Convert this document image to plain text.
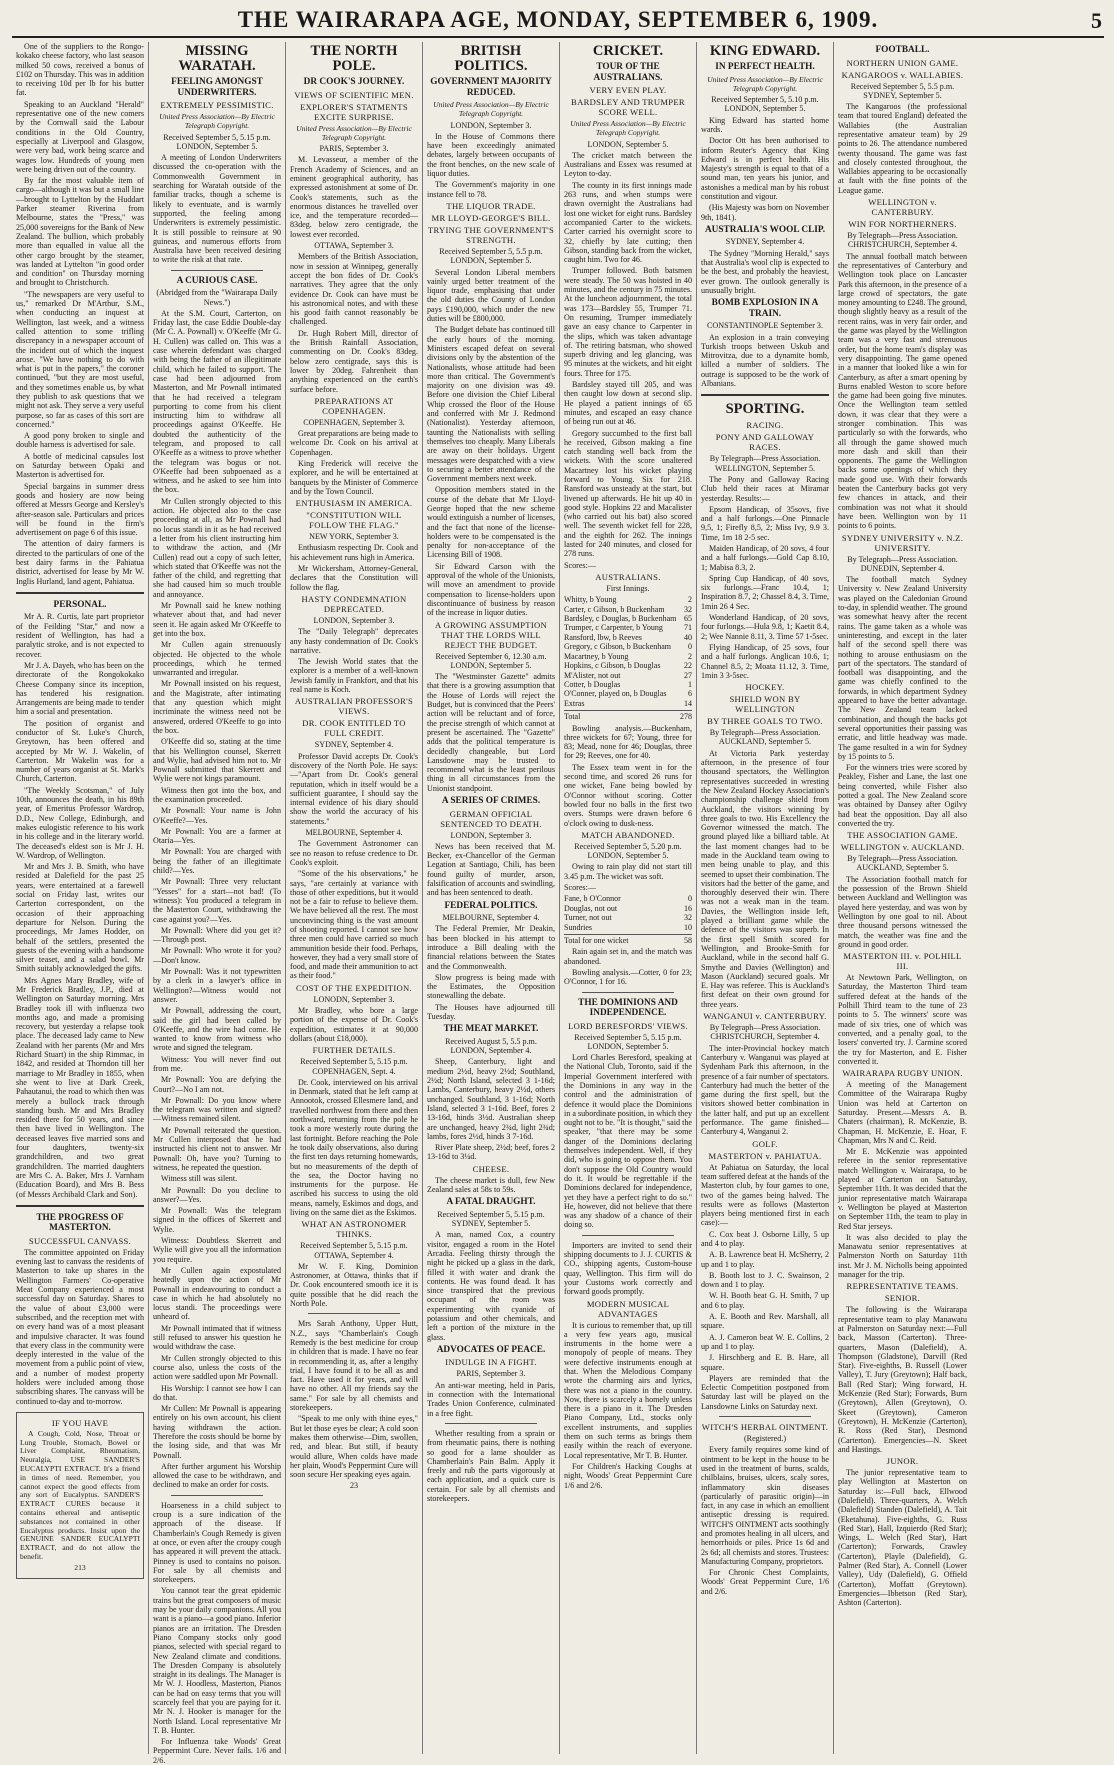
THE WAIRARAPA AGE, MONDAY, SEPTEMBER 6, 1909.	5

One of the suppliers to the Rongo-kokako cheese factory, who last season milked 50 cows, received a bonus of £102 on Thursday. This was in addition to receiving 10d per lb for his butter fat.

Speaking to an Auckland "Herald" representative one of the new comers by the Cornwall said the Labour conditions in the Old Country, especially at Liverpool and Glasgow, were very bad, work being scarce and wages low. Hundreds of young men were being driven out of the country.

By far the most valuable item of cargo—although it was but a small line—brought to Lyttelton by the Huddart Parker steamer Riverina from Melbourne, states the "Press," was 25,000 sovereigns for the Bank of New Zealand. The bullion, which probably more than equalled in value all the other cargo brought by the steamer, was landed at Lyttelton "in good order and condition" on Thursday morning and brought to Christchurch.

"The newspapers are very useful to us," remarked Dr M'Arthur, S.M., when conducting an inquest at Wellington, last week, and a witness called attention to some trifling discrepancy in a newspaper account of the incident out of which the inquest arose. "We have nothing to do with what is put in the papers," the coroner continued, "but they are most useful, and they sometimes enable us, by what they publish to ask questions that we might not ask. They serve a very useful purpose, so far as cases of this sort are concerned."

A good pony broken to single and double harness is advertised for sale.

A bottle of medicinal capsules lost on Saturday between Opaki and Masterton is advertised for.

Special bargains in summer dress goods and hosiery are now being offered at Messrs George and Kersley's after-season sale. Particulars and prices will be found in the firm's advertisement on page 6 of this issue.

The attention of dairy farmers is directed to the particulars of one of the best dairy farms in the Pahiatua district, advertised for lease by Mr W. Inglis Hurland, land agent, Pahiatua.

PERSONAL.

Mr A. R. Curtis, late part proprietor of the Feilding "Star," and now a resident of Wellington, has had a paralytic stroke, and is not expected to recover.

Mr J. A. Dayeh, who has been on the directorate of the Rongokokako Cheese Company since its inception, has tendered his resignation. Arrangements are being made to tender him a social and presentation.

The position of organist and conductor of St. Luke's Church, Greytown, has been offered and accepted by Mr W. J. Wakelin, of Carterton. Mr Wakelin was for a number of years organist at St. Mark's Church, Carterton.

"The Weekly Scotsman," of July 10th, announces the death, in his 89th year, of Emeritus Professor Wardrop, D.D., New College, Edinburgh, and makes eulogistic reference to his work in his college and in the literary world. The deceased's eldest son is Mr J. H. W. Wardrop, of Wellington.

Mr and Mrs J. B. Smith, who have resided at Dalefield for the past 25 years, were entertained at a farewell social on Friday last, writes our Carterton correspondent, on the occasion of their approaching departure for Nelson. During the proceedings, Mr James Hodder, on behalf of the settlers, presented the guests of the evening with a handsome silver teaset, and a salad bowl. Mr Smith suitably acknowledged the gifts.

Mrs Agnes Mary Bradley, wife of Mr Frederick Bradley, J.P., died at Wellington on Saturday morning. Mrs Bradley took ill with influenza two months ago, and made a promising recovery, but yesterday a relapse took place. The deceased lady came to New Zealand with her parents (Mr and Mrs Richard Stuart) in the ship Rimmac, in 1842, and resided at Thorndon till her marriage to Mr Bradley in 1855, when she went to live at Dark Creek, Pahautanui, the road to which then was merely a bullock track through standing bush. Mr and Mrs Bradley resided there for 50 years, and since then have lived in Wellington. The deceased leaves five married sons and four daughters, twenty-six grandchildren, and two great grandchildren. The married daughters are Mrs C. A. Baker, Mrs J. Varnham (Education Board), and Mrs B. Bess (of Messrs Archibald Clark and Son).

THE PROGRESS OF MASTERTON.
SUCCESSFUL CANVASS.

The committee appointed on Friday evening last to canvass the residents of Masterton to take up shares in the Wellington Farmers' Co-operative Meat Company experienced a most successful day on Saturday. Shares to the value of about £3,000 were subscribed, and the reception met with on every hand was of a most pleasant and impulsive character. It was found that every class in the community were deeply interested in the value of the movement from a public point of view, and a number of modest property holders were included among those subscribing shares. The canvass will be continued to-day and to-morrow.

IF YOU HAVE

A Cough, Cold, Nose, Throat or Lung Trouble, Stomach, Bowel or Liver Complaint, Rheumatism, Neuralgia, USE SANDER'S EUCALYPTI EXTRACT. It's a friend in times of need. Remember, you cannot expect the good effects from any sort of Eucalyptus. SANDER'S EXTRACT CURES because it contains ethereal and antiseptic substances not contained in other Eucalyptus products. Insist upon the GENUINE SANDER EUCALYPTI EXTRACT, and do not allow the benefit.

213

MISSING WARATAH.
FEELING AMONGST UNDERWRITERS.
EXTREMELY PESSIMISTIC.

United Press Association—By Electric Telegraph Copyright.

Received September 5, 5.15 p.m. LONDON, September 5.

A meeting of London Underwriters discussed the co-operation with the Commonwealth Government in searching for Waratah outside of the familiar tracks, though a scheme is likely to eventuate, and is warmly supported, the feeling among Underwriters is extremely pessimistic. It is still possible to reinsure at 90 guineas, and numerous efforts from Australia have been received desiring to write the risk at that rate.

A CURIOUS CASE.

(Abridged from the "Wairarapa Daily News.")

At the S.M. Court, Carterton, on Friday last, the case Eddie Double-day (Mr C. A. Pownall) v. O'Keeffe (Mr G. H. Cullen) was called on. This was a case wherein defendant was charged with being the father of an illegitimate child, which he failed to support. The case had been adjourned from Masterton, and Mr Pownall intimated that he had received a telegram purporting to come from his client instructing him to withdraw all proceedings against O'Keeffe. He doubted the authenticity of the telegram, and proposed to call O'Keeffe as a witness to prove whether the telegram was bogus or not. O'Keeffe had been subpoenaed as a witness, and he asked to see him into the box.

Mr Cullen strongly objected to this action. He objected also to the case proceeding at all, as Mr Pownall had no locus standi in it as he had received a letter from his client instructing him to withdraw the action, and (Mr Cullen) read out a copy of such letter, which stated that O'Keeffe was not the father of the child, and regretting that she had caused him so much trouble and annoyance.

Mr Pownall said he knew nothing whatever about that, and had never seen it. He again asked Mr O'Keeffe to get into the box.

Mr Cullen again strenuously objected. He objected to the whole proceedings, which he termed unwarranted and irregular.

Mr Pownall insisted on his request, and the Magistrate, after intimating that any question which might incriminate the witness need not be answered, ordered O'Keeffe to go into the box.

O'Keeffe did so, stating at the time that his Wellington counsel, Skerrett and Wylie, had advised him not to. Mr Pownall submitted that Skerrett and Wylie were not kings paramount.

Witness then got into the box, and the examination proceeded.

Mr Pownall: Your name is John O'Keeffe?—Yes.

Mr Pownall: You are a farmer at Otaria—Yes.

Mr Pownall: You are charged with being the father of an illegitimate child?—Yes.

Mr Pownall: Three very reluctant "Yesses" for a start—not bad! (To witness): You produced a telegram in the Masterton Court, withdrawing the case against you?—Yes.

Mr Pownall: Where did you get it?—Through post.

Mr Pownall: Who wrote it for you?—Don't know.

Mr Pownall: Was it not typewritten by a clerk in a lawyer's office in Wellington?—Witness would not answer.

Mr Pownall, addressing the court, said the girl had been called by O'Keeffe, and the wire had come. He wanted to know from witness who wrote and signed the telegram.

Witness: You will never find out from me.

Mr Pownall: You are defying the Court?—No I am not.

Mr Pownall: Do you know where the telegram was written and signed?—Witness remained silent.

Mr Pownall reiterated the question. Mr Cullen interposed that he had instructed his client not to answer. Mr Pownall: Oh, have you? Turning to witness, he repeated the question.

Witness still was silent.

Mr Pownall: Do you decline to answer?—Yes.

Mr Pownall: Was the telegram signed in the offices of Skerrett and Wylie.

Witness: Doubtless Skerrett and Wylie will give you all the information you require.

Mr Cullen again expostulated heatedly upon the action of Mr Pownall in endeavouring to conduct a case in which he had absolutely no locus standi. The proceedings were unheard of.

Mr Pownall intimated that if witness still refused to answer his question he would withdraw the case.

Mr Cullen strongly objected to this course also, unless the costs of the action were saddled upon Mr Pownall.

His Worship: I cannot see how I can do that.

Mr Cullen: Mr Pownall is appearing entirely on his own account, his client having withdrawn the action. Therefore the costs should be borne by the losing side, and that was Mr Pownall.

After further argument his Worship allowed the case to be withdrawn, and declined to make an order for costs.

Hoarseness in a child subject to croup is a sure indication of the approach of the disease. If Chamberlain's Cough Remedy is given at once, or even after the croupy cough has appeared it will prevent the attack. Pinney is used to contains no poison. For sale by all chemists and storekeepers.

You cannot tear the great epidemic trains but the great composers of music may be your daily companions. All you want is a piano—a good piano. Inferior pianos are an irritation. The Dresden Piano Company stocks only good pianos, selected with special regard to New Zealand climate and conditions. The Dresden Company is absolutely straight in its dealings. The Manager is Mr W. J. Hoodless, Masterton, Pianos can be had on easy terms that you will scarcely feel that you are paying for it. Mr N. J. Hooker is manager for the North Island. Local representative Mr T. B. Hunter.

For Influenza take Woods' Great Peppermint Cure. Never fails. 1/6 and 2/6.

THE NORTH POLE.
DR COOK'S JOURNEY.
VIEWS OF SCIENTIFIC MEN.
EXPLORER'S STATMENTS EXCITE SURPRISE.

United Press Association—By Electric Telegraph Copyright.

PARIS, September 3.

M. Levasseur, a member of the French Academy of Sciences, and an eminent geographical authority, has expressed astonishment at some of Dr. Cook's statements, such as the enormous distances he travelled over ice, and the temperature recorded—83deg. below zero centigrade, the lowest ever recorded.

OTTAWA, September 3.

Members of the British Association, now in session at Winnipeg, generally accept the bon fides of Dr. Cook's narratives. They agree that the only evidence Dr. Cook can have must be his astronomical notes, and with these his good faith cannot reasonably be challenged.

Dr. Hugh Robert Mill, director of the British Rainfall Association, commenting on Dr. Cook's 83deg. below zero centigrade, says this is lower by 20deg. Fahrenheit than anything experienced on the earth's surface before.

PREPARATIONS AT COPENHAGEN.

COPENHAGEN, September 3.

Great preparations are being made to welcome Dr. Cook on his arrival at Copenhagen.

King Frederick will receive the explorer, and he will be entertained at banquets by the Minister of Commerce and by the Town Council.

ENTHUSIASM IN AMERICA.
"CONSTITUTION WILL FOLLOW THE FLAG."

NEW YORK, September 3.

Enthusiasm respecting Dr. Cook and his achievement runs high in America.

Mr Wickersham, Attorney-General, declares that the Constitution will follow the flag.

HASTY CONDEMNATION DEPRECATED.

LONDON, September 3.

The "Daily Telegraph" deprecates any hasty condemnation of Dr. Cook's narrative.

The Jewish World states that the explorer is a member of a well-known Jewish family in Frankfort, and that his real name is Koch.

AUSTRALIAN PROFESSOR'S VIEWS.
DR. COOK ENTITLED TO FULL CREDIT.

SYDNEY, September 4.

Professor David accepts Dr. Cook's discovery of the North Pole. He says:—"Apart from Dr. Cook's general reputation, which in itself would be a sufficient guarantee, I should say the internal evidence of his diary should show the world the accuracy of his statements."

MELBOURNE, September 4.

The Government Astronomer can see no reason to refuse credence to Dr. Cook's exploit.

"Some of the his observations," he says, "are certainly at variance with those of other expeditions, but it would not be a fair to refuse to believe them. We have believed all the rest. The most unconvincing thing is the vast amount of shooting reported. I cannot see how three men could have carried so much ammunition beside their food. Perhaps, however, they had a very small store of food, and made their ammunition to act as their food."

COST OF THE EXPEDITION.

LONODN, September 3.

Mr Bradley, who bore a large portion of the expense of Dr. Cook's expedition, estimates it at 90,000 dollars (about £18,000).

FURTHER DETAILS.

Received September 5, 5.15 p.m. COPENHAGEN, Sept. 4.

Dr. Cook, interviewed on his arrival in Denmark, stated that he left camp at Annootok, crossed Ellesmere land, and travelled northwest from there and then northward, returning from the pole he took a more westerly route during the last fortnight. Before reaching the Pole he took daily observations, also during the first ten days returning homewards, but no measurements of the depth of the sea, the Doctor having no instruments for the purpose. He ascribed his success to using the old means, namely, Eskimos and dogs, and living on the same diet as the Eskimos.

WHAT AN ASTRONOMER THINKS.

Received September 5, 5.15 p.m. OTTAWA, September 4.

Mr W. F. King, Dominion Astronomer, at Ottawa, thinks that if Dr. Cook encountered smooth ice it is quite possible that he did reach the North Pole.

Mrs Sarah Anthony, Upper Hutt, N.Z., says "Chamberlain's Cough Remedy is the best medicine for croup in children that is made. I have no fear in recommending it, as, after a lengthy trial, I have found it to be all as and fact. Have used it for years, and will have no other. All my friends say the same." For sale by all chemists and storekeepers.

"Speak to me only with thine eyes," But let those eyes be clear; A cold soon makes them otherwise—Dim, swollen, red, and blear. But still, if beauty would allure, When colds have made her plain, Wood's Peppermint Cure will soon secure Her speaking eyes again.

23

BRITISH POLITICS.
GOVERNMENT MAJORITY REDUCED.

United Press Association—By Electric Telegraph Copyright.

LONDON, September 3.

In the House of Commons there have been exceedingly animated debates, largely between occupants of the front benches, on the new scale of liquor duties.

The Government's majority in one instance fell to 78.

THE LIQUOR TRADE.
MR LLOYD-GEORGE'S BILL.
TRYING THE GOVERNMENT'S STRENGTH.

Received September 5, 5.5 p.m. LONDON, September 5.

Several London Liberal members vainly urged better treatment of the liquor trade, emphasising that under the old duties the County of London pays £190,000, which under the new duties will be £800,000.

The Budget debate has continued till the early hours of the morning. Ministers escaped defeat on several divisions only by the abstention of the Nationalists, whose attitude had been more than critical. The Government's majority on one division was 49. Before one division the Chief Liberal Whip crossed the floor of the House and conferred with Mr J. Redmond (Nationalist). Yesterday afternoon, taunting the Nationalists with selling themselves too cheaply. Many Liberals are away on their holidays. Urgent messages were despatched with a view to securing a better attendance of the Government members next week.

Opposition members stated in the course of the debate that Mr Lloyd-George hoped that the new scheme would extinguish a number of licenses, and the fact that none of the license-holders were to be compensated is the penalty for non-acceptance of the Licensing Bill of 1908.

Sir Edward Carson with the approval of the whole of the Unionists, will move an amendment to provide compensation to license-holders upon discontinuance of business by reason of the increase in liquor duties.

A GROWING ASSUMPTION THAT THE LORDS WILL REJECT THE BUDGET.

Received September 6, 12.30 a.m. LONDON, September 5.

The "Westminster Gazette" admits that there is a growing assumption that the House of Lords will reject the Budget, but is convinced that the Peers' action will be reluctant and of force, the precise strength of which cannot at present be ascertained. The "Gazette" adds that the political temperature is decidedly changeable, but Lord Lansdowne may be trusted to recommend what is the least perilous thing in all circumstances from the Unionist standpoint.

A SERIES OF CRIMES.
GERMAN OFFICIAL SENTENCED TO DEATH.

LONDON, September 3.

News has been received that M. Becker, ex-Chancellor of the German Legation at Santiago, Chili, has been found guilty of murder, arson, falsification of accounts and swindling, and has been sentenced to death.

FEDERAL POLITICS.

MELBOURNE, September 4.

The Federal Premier, Mr Deakin, has been blocked in his attempt to introduce a Bill dealing with the financial relations between the States and the Commonwealth.

Slow progress is being made with the Estimates, the Opposition stonewalling the debate.

The Houses have adjourned till Tuesday.

THE MEAT MARKET.

Received August 5, 5.5 p.m. LONDON, September 4.

Sheep, Canterbury, light and medium 2½d, heavy 2½d; Southland, 2½d; North Island, selected 3 1-16d; Lambs, Canterbury, heavy 2½d, others unchanged. Southland, 3 1-16d; North Island, selected 3 1-16d. Beef, fores 2 13-16d, hinds 3½d. Australian sheep are unchanged, heavy 2¾d, light 2¾d; lambs, fores 2½d, hinds 3 7-16d.

River Plate sheep, 2½d; beef, fores 2 13-16d to 3¼d.

CHEESE.

The cheese market is dull, few New Zealand sales at 58s to 59s.

A FATAL DRAUGHT.

Received September 5, 5.15 p.m. SYDNEY, September 5.

A man, named Cox, a country visitor, engaged a room in the Hotel Arcadia. Feeling thirsty through the night he picked up a glass in the dark, filled it with water and drank the contents. He was found dead. It has since transpired that the previous occupant of the room was experimenting with cyanide of potassium and other chemicals, and left a portion of the mixture in the glass.

ADVOCATES OF PEACE.
INDULGE IN A FIGHT.

PARIS, September 3.

An anti-war meeting, held in Paris, in connection with the International Trades Union Conference, culminated in a free fight.

Whether resulting from a sprain or from rheumatic pains, there is nothing so good for a lame shoulder as Chamberlain's Pain Balm. Apply it freely and rub the parts vigorously at each application, and a quick cure is certain. For sale by all chemists and storekeepers.

CRICKET.
TOUR OF THE AUSTRALIANS.
VERY EVEN PLAY.
BARDSLEY AND TRUMPER SCORE WELL.

United Press Association—By Electric Telegraph Copyright.

LONDON, September 5.

The cricket match between the Australians and Essex was resumed at Leyton to-day.

The county in its first innings made 263 runs, and when stumps were drawn overnight the Australians had lost one wicket for eight runs. Bardsley accompanied Carter to the wickets. Carter carried his overnight score to 32, chiefly by late cutting; then Gibson, standing back from the wicket, caught him. Two for 46.

Trumper followed. Both batsmen were steady. The 50 was hoisted in 40 minutes, and the century in 75 minutes. At the luncheon adjournment, the total was 173—Bardsley 55, Trumper 71. On resuming, Trumper immediately gave an easy chance to Carpenter in the slips, which was taken advantage of. The retiring batsman, who showed superb driving and leg glancing, was 95 minutes at the wickets, and hit eight fours. Three for 175.

Bardsley stayed till 205, and was then caught low down at second slip. He played a patient innings of 65 minutes, and escaped an easy chance of being run out at 46.

Gregory succumbed to the first ball he received, Gibson making a fine catch standing well back from the wickets. With the score unaltered Macartney lost his wicket playing forward to Young. Six for 218. Ransford was unsteady at the start, but livened up afterwards. He hit up 40 in good style. Hopkins 22 and Macalister (who carried out his bat) also scored well. The seventh wicket fell for 228, and the eighth for 262. The innings lasted for 240 minutes, and closed for 278 runs.

Scores:—

AUSTRALIANS.

First Innings.

Whitty, b Young	2
Carter, c Gibson, b Buckenham 32
Bardsley, c Douglas, b Buckenham 65
Trumper, c Carpenter, b Young	71
Ransford, lbw, b Reeves	40
Gregory, c Gibson, b Buckenham 0
Macartney, b Young	2
Hopkins, c Gibson, b Douglas	22
M'Alister, not out	27
Cotter, b Douglas	1
O'Conner, played on, b Douglas	6
Extras	14
Total	278

Bowling analysis.—Buckenham, three wickets for 67; Young, three for 83; Mead, none for 46; Douglas, three for 29; Reeves, one for 40.

The Essex team went in for the second time, and scored 26 runs for one wicket, Fane being bowled by O'Connor without scoring. Cotter bowled four no balls in the first two overs. Stumps were drawn before 6 o'clock owing to dusk-ness.

MATCH ABANDONED.

Received September 5, 5.20 p.m. LONDON, September 5.

Owing to rain play did not start till 3.45 p.m. The wicket was soft.

Scores:—

Fane, b O'Connor	0
Douglas, not out	16
Turner, not out	32
Sundries	10
Total for one wicket	58

Rain again set in, and the match was abandoned.

Bowling analysis.—Cotter, 0 for 23; O'Connor, 1 for 16.

THE DOMINIONS AND INDEPENDENCE.
LORD BERESFORDS' VIEWS.

Received September 5, 5.15 p.m. LONDON, September 5.

Lord Charles Beresford, speaking at the National Club, Toronto, said if the Imperial Government interfered with the Dominions in any way in the control and the administration of defence it would place the Dominions in a subordinate position, in which they ought not to be. "It is thought," said the speaker, "that there may be some danger of the Dominions declaring themselves independent. Well, if they did, who is going to oppose them. You don't suppose the Old Country would do it. It would be regrettable if the Dominions declared for independence, yet they have a perfect right to do so." He, however, did not believe that there was any shadow of a chance of their doing so.

Importers are invited to send their shipping documents to J. J. CURTIS & CO., shipping agents, Custom-house quay, Wellington. This firm will do your Customs work correctly and forward goods promptly.

MODERN MUSICAL ADVANTAGES

It is curious to remember that, up till a very few years ago, musical instruments in the home were a monopoly of people of means. They were defective instruments enough at that. When the Melodious Company wrote the charming airs and lyrics, there was not a piano in the country. Now, there is scarcely a homely unless there is a piano in it. The Dresden Piano Company, Ltd., stocks only excellent instruments, and supplies them on such terms as brings them easily within the reach of everyone. Local representative, Mr T. B. Hunter.

For Children's Hacking Coughs at night, Woods' Great Peppermint Cure 1/6 and 2/6.

KING EDWARD.
IN PERFECT HEALTH.

United Press Association—By Electric Telegraph Copyright.

Received September 5, 5.10 p.m. LONDON, September 5.

King Edward has started home wards.

Doctor Ott has been authorised to inform Reuter's Agency that King Edward is in perfect health. His Majesty's strength is equal to that of a sound man, ten years his junior, and astonishes a medical man by his robust constitution and vigour.

(His Majesty was born on November 9th, 1841).

AUSTRALIA'S WOOL CLIP.

SYDNEY, September 4.

The Sydney "Morning Herald," says that Australia's wool clip is expected to be the best, and probably the heaviest, ever grown. The outlook generally is unusually bright.

BOMB EXPLOSION IN A TRAIN.

CONSTANTINOPLE September 3.

An explosion in a train conveying Turkish troops between Uskub and Mitrovitza, due to a dynamite bomb, killed a number of soldiers. The outrage is supposed to be the work of Albanians.

SPORTING.
RACING.
PONY AND GALLOWAY RACES.

By Telegraph—Press Association. WELLINGTON, September 5.

The Pony and Galloway Racing Club held their races at Miramar yesterday. Results:—

Epsom Handicap, of 35sovs, five and a half furlongs.—One Pinnacle 9,5, 1; Firefly 8,5, 2; Miss Ivy, 9.9 3. Time, 1m 18 2-5 sec.

Maiden Handicap, of 20 sovs, 4 four and a half furlongs.—Gold Cap 8.10, 1; Mabisa 8.3, 2.

Spring Cup Handicap, of 40 sovs, six furlongs.—Franc 10.4, 1; Inspiration 8.7, 2; Chassel 8.4, 3. Time, 1min 26 4 Sec.

Wonderland Handicap, of 20 sovs, four furlongs.—Hula 9.8, 1; Kaetit 8.4, 2; Wee Nannie 8.11, 3. Time 57 1-5sec.

Flying Handicap, of 25 sovs, four and a half furlongs. Anglican 10.6, 1; Channel 8.5, 2; Moata 11.12, 3. Time, 1min 3 3-5sec.

HOCKEY.
SHIELD WON BY WELLINGTON
BY THREE GOALS TO TWO.

By Telegraph—Press Association. AUCKLAND, September 5.

At Victoria Park yesterday afternoon, in the presence of four thousand spectators, the Wellington representatives succeeded in wresting the New Zealand Hockey Association's championship challenge shield from Auckland, the visitors winning by three goals to two. His Excellency the Governor witnessed the match. The ground played like a billiard table. At the last moment changes had to be made in the Auckland team owing to men being unable to play, and this seemed to upset their combination. The visitors had the better of the game, and thoroughly deserved their win. There was not a weak man in the team. Davies, the Wellington inside left, played a brilliant game while the defence of the visitors was superb. In the first spell Smith scored for Wellington, and Brooke-Smith for Auckland, while in the second half G. Smythe and Davies (Wellington) and Mason (Auckland) secured goals. Mr E. Hay was referee. This is Auckland's first defeat on their own ground for three years.

WANGANUI v. CANTERBURY.

By Telegraph—Press Association. CHRISTCHURCH, September 4.

The inter-Provincial hockey match Canterbury v. Wanganui was played at Sydenham Park this afternoon, in the presence of a fair number of spectators. Canterbury had much the better of the game during the first spell, but the visitors showed better combination in the latter half, and put up an excellent performance. The game finished—Canterbury 4, Wanganui 2.

GOLF.
MASTERTON v. PAHIATUA.

At Pahiatua on Saturday, the local team suffered defeat at the hands of the Masterton club, by four games to one, two of the games being halved. The results were as follows (Masterton players being mentioned first in each case):—

C. Cox beat J. Osborne Lilly, 5 up and 4 to play.

A. B. Lawrence beat H. McSherry, 2 up and 1 to play.

B. Booth lost to J. C. Swainson, 2 down and 1 to play.

W. H. Booth beat G. H. Smith, 7 up and 6 to play.

A. E. Booth and Rev. Marshall, all square.

A. J. Cameron beat W. E. Collins, 2 up and 1 to play.

J. Hirschberg and E. B. Hare, all square.

Players are reminded that the Eclectic Competition postponed from Saturday last will be played on the Lansdowne Links on Saturday next.

WITCH'S HERBAL OINTMENT.

(Registered.)

Every family requires some kind of ointment to be kept in the house to be used in the treatment of burns, scalds, chilblains, bruises, ulcers, scaly sores, inflammatory skin diseases (particularly of parasitic origin)—in fact, in any case in which an emollient antiseptic dressing is required. WITCH'S OINTMENT acts soothingly and promotes healing in all ulcers, and hemorrhoids or piles. Price 1s 6d and 2s 6d; all chemists and stores. Trustees: Manufacturing Company, proprietors.

For Chronic Chest Complaints, Woods' Great Peppermint Cure, 1/6 and 2/6.

FOOTBALL.
NORTHERN UNION GAME.
KANGAROOS v. WALLABIES.

Received September 5, 5.5 p.m. SYDNEY, September 5.

The Kangaroos (the professional team that toured England) defeated the Wallabies (the Australian representative amateur team) by 29 points to 26. The attendance numbered twenty thousand. The game was fast and closely contested throughout, the Wallabies appearing to be occasionally at fault with the fine points of the League game.

WELLINGTON v. CANTERBURY.
WIN FOR NORTHERNERS.

By Telegraph—Press Association. CHRISTCHURCH, September 4.

The annual football match between the representatives of Canterbury and Wellington took place on Lancaster Park this afternoon, in the presence of a large crowd of spectators, the gate money amounting to £248. The ground, though slightly heavy as a result of the recent rains, was in very fair order, and the game was played by the Wellington team was a very fast and strenuous order, but the home team's display was very disappointing. The game opened in a manner that looked like a win for Canterbury, as after a smart opening by Burns enabled Weston to score before the game had been going five minutes. Once the Wellington team settled down, it was clear that they were a stronger combination. This was particularly so with the forwards, who all through the game showed much more dash and skill than their opponents. The game the Wellington backs some openings of which they made good use. With their forwards beaten the Canterbury backs got very few chances in attack, and their combination was not what it should have been. Wellington won by 11 points to 6 points.

SYDNEY UNIVERSITY v. N.Z. UNIVERSITY.

By Telegraph—Press Association. DUNEDIN, September 4.

The football match Sydney University v. New Zealand University was played on the Caledonian Ground to-day, in splendid weather. The ground was somewhat heavy after the recent rains. The game taken as a whole was uninteresting, and except in the later half of the second spell there was nothing to arouse enthusiasm on the part of the spectators. The standard of football was disappointing, and the game was chiefly confined to the forwards, in which department Sydney appeared to have the better advantage. The New Zealand team lacked combination, and though the backs got several opportunities their passing was erratic, and little headway was made. The game resulted in a win for Sydney by 15 points to 5.

For the winners tries were scored by Peakley, Fisher and Lane, the last one being converted, while Fisher also potted a goal. The New Zealand score was obtained by Dansey after Ogilvy had beat the opposition. Day all also converted the try.

THE ASSOCIATION GAME.
WELLINGTON v. AUCKLAND.

By Telegraph—Press Association. AUCKLAND, September 5.

The Association football match for the possession of the Brown Shield between Auckland and Wellington was played here yesterday, and was won by Wellington by one goal to nil. About three thousand persons witnessed the match, the weather was fine and the ground in good order.

MASTERTON III. v. POLHILL III.

At Newtown Park, Wellington, on Saturday, the Masterton Third team suffered defeat at the hands of the Polhill Third team to the tune of 23 points to 5. The winners' score was made of six tries, one of which was converted, and a penalty goal, to the losers' converted try. J. Carmine scored the try for Masterton, and E. Fisher converted it.

WAIRARAPA RUGBY UNION.

A meeting of the Management Committee of the Wairarapa Rugby Union was held at Carterton on Saturday. Present.—Messrs A. B. Chaters (chairman), R. McKenzie, B. Chapman, H. McKenzie, E. Hoar, F. Chapman, Mrs N and C. Reid.

Mr E. McKenzie was appointed referee in the senior representative match Wellington v. Wairarapa, to be played at Carterton on Saturday, September 11th. It was decided that the junior representative match Wairarapa v. Wellington be played at Masterton on September 11th, the team to play in Red Star jerseys.

It was also decided to play the Manawatu senior representatives at Palmerston North on Saturday 11th inst. Mr J. M. Nicholls being appointed manager for the trip.

REPRESENTATIVE TEAMS.
SENIOR.

The following is the Wairarapa representative team to play Manawatu at Palmerston on Saturday next:—Full back, Masson (Carterton). Three-quarters, Mason (Dalefield), A. Thompson (Gladstone), Darvill (Red Star). Five-eighths, B. Russell (Lower Valley), T. Jury (Greytown); Half back, Ball (Red Star); Wing forward, H. McKenzie (Red Star); Forwards, Burn (Greytown), Allen (Greytown), O. Skeet (Greytown), Cameron (Greytown), H. McKenzie (Carterton), R. Ross (Red Star), Desmond (Carterton). Emergencies—N. Skeet and Hastings.

JUNOR.

The junior representative team to play Wellington at Masterton on Saturday is:—Full back, Ellwood (Dalefield). Three-quarters, A. Welch (Dalefield) Standen (Dalefield), A. Tait (Eketahuna). Five-eighths, G. Russ (Red Star), Hall, Izquierdo (Red Star); Wings, L. Welch (Red Star), Hart (Carterton); Forwards, Crawley (Carterton), Playle (Dalefield), G. Palmer (Red Star), A. Connell (Lower Valley), Udy (Dalefield), G. Offield (Carterton), Moffatt (Greytown). Emergencies—Ibbetson (Red Star), Ashton (Carterton).
